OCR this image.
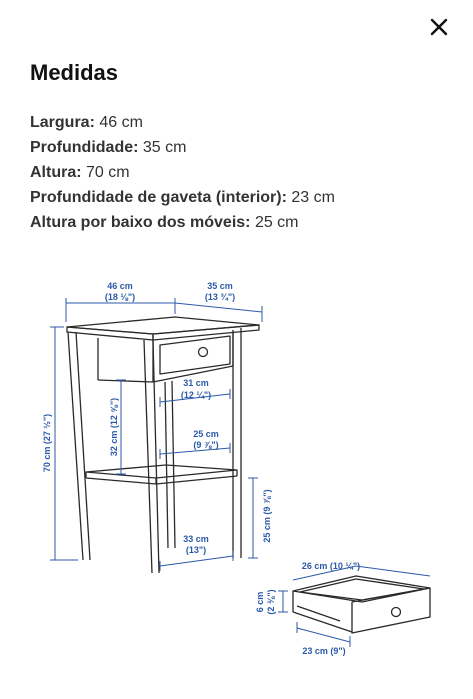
Medidas
Largura: 46 cm
Profundidade: 35 cm
Altura: 70 cm
Profundidade de gaveta (interior): 23 cm
Altura por baixo dos móveis: 25 cm
46 cm
(18 ⅛")
35 cm
(13 ¾")
70 cm (27 ½")	32 cm (12 ⅝")
31 cm
(12 ¼")
25 cm
(9 ⅞")
25 cm (9 ⅞")
33 cm
(13")
26 cm (10 ¼")
6 cm (2 ⅜")
23 cm (9")
